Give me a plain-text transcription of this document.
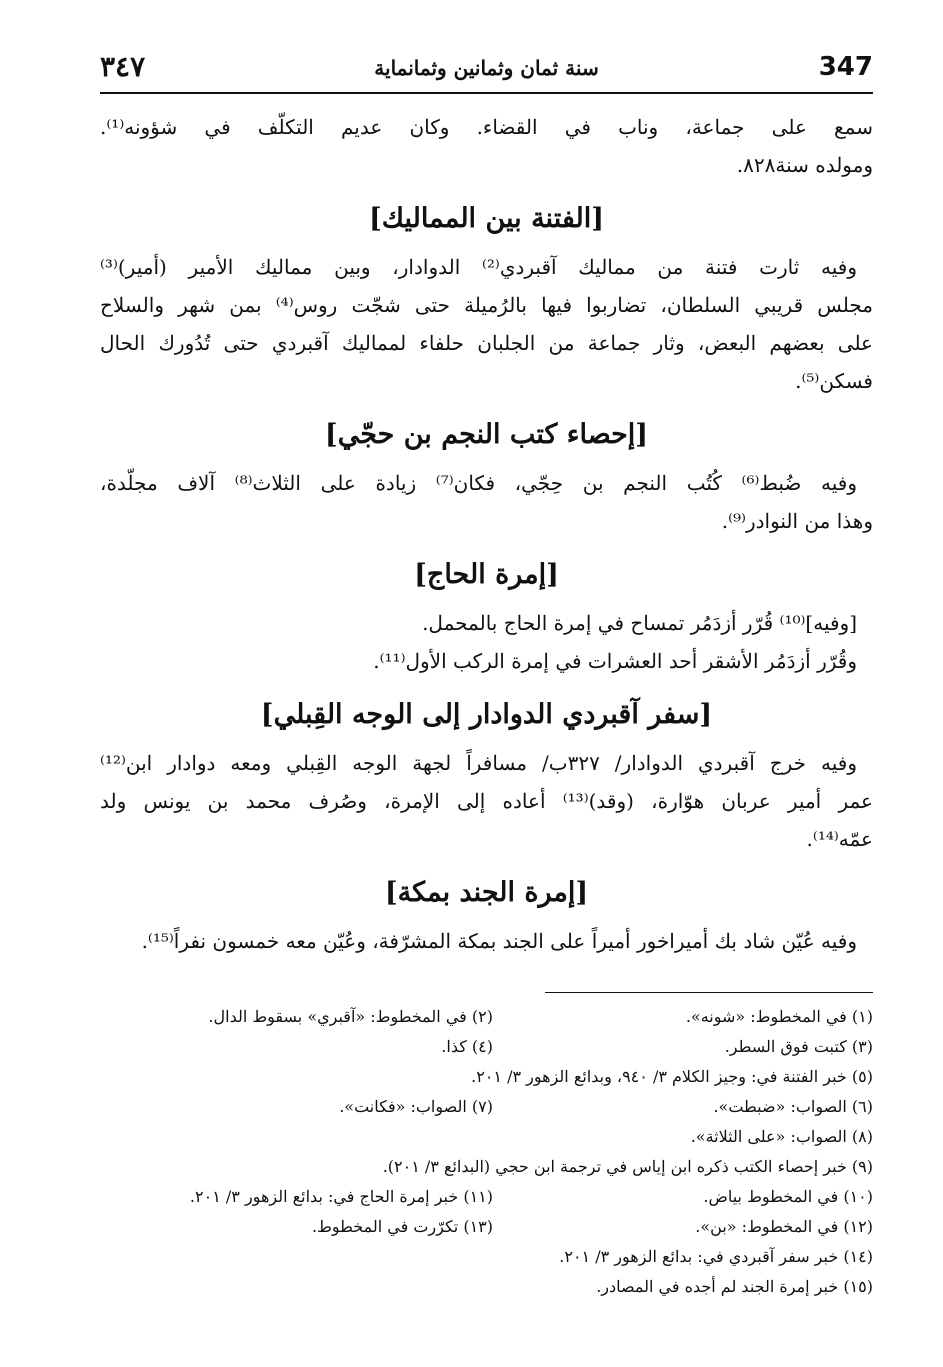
347
سنة ثمان وثمانين وثمانماية
٣٤٧
سمع على جماعة، وناب في القضاء. وكان عديم التكلّف في شؤونه⁽¹⁾.
ومولده سنة٨٢٨.
[الفتنة بين المماليك]
وفيه ثارت فتنة من مماليك آقبردي⁽²⁾ الدوادار، وبين مماليك الأمير (أمير)⁽³⁾
مجلس قريبي السلطان، تضاربوا فيها بالرُميلة حتى شجّت روس⁽⁴⁾ بمن شهر والسلاح
على بعضهم البعض، وثار جماعة من الجلبان حلفاء لمماليك آقبردي حتى تُدُورك الحال
فسكن⁽⁵⁾.
[إحصاء كتب النجم بن حجّي]
وفيه ضُبط⁽⁶⁾ كُتُب النجم بن حِجّي، فكان⁽⁷⁾ زيادة على الثلاث⁽⁸⁾ آلاف مجلّدة،
وهذا من النوادر⁽⁹⁾.
[إمرة الحاج]
[وفيه]⁽¹⁰⁾ قُرّر أزدَمُر تمساح في إمرة الحاج بالمحمل.
وقُرّر أزدَمُر الأشقر أحد العشرات في إمرة الركب الأول⁽¹¹⁾.
[سفر آقبردي الدوادار إلى الوجه القِبلي]
وفيه خرج آقبردي الدوادار/ ٣٢٧ب/ مسافراً لجهة الوجه القِبلي ومعه دوادار ابن⁽¹²⁾
عمر أمير عربان هوّارة، (وقد)⁽¹³⁾ أعاده إلى الإمرة، وصُرف محمد بن يونس ولد
عمّه⁽¹⁴⁾.
[إمرة الجند بمكة]
وفيه عُيّن شاد بك أميراخور أميراً على الجند بمكة المشرّفة، وعُيّن معه خمسون نفراً⁽¹⁵⁾.
(١) في المخطوط: «شونه».
(٢) في المخطوط: «آقبري» بسقوط الدال.
(٣) كتبت فوق السطر.
(٤) كذا.
(٥) خبر الفتنة في: وجيز الكلام ٣/ ٩٤٠، وبدائع الزهور ٣/ ٢٠١.
(٦) الصواب: «ضبطت».
(٧) الصواب: «فكانت».
(٨) الصواب: «على الثلاثة».
(٩) خبر إحصاء الكتب ذكره ابن إياس في ترجمة ابن حجي (البدائع ٣/ ٢٠١).
(١٠) في المخطوط بياض.
(١١) خبر إمرة الحاج في: بدائع الزهور ٣/ ٢٠١.
(١٢) في المخطوط: «بن».
(١٣) تكرّرت في المخطوط.
(١٤) خبر سفر آقبردي في: بدائع الزهور ٣/ ٢٠١.
(١٥) خبر إمرة الجند لم أجده في المصادر.
